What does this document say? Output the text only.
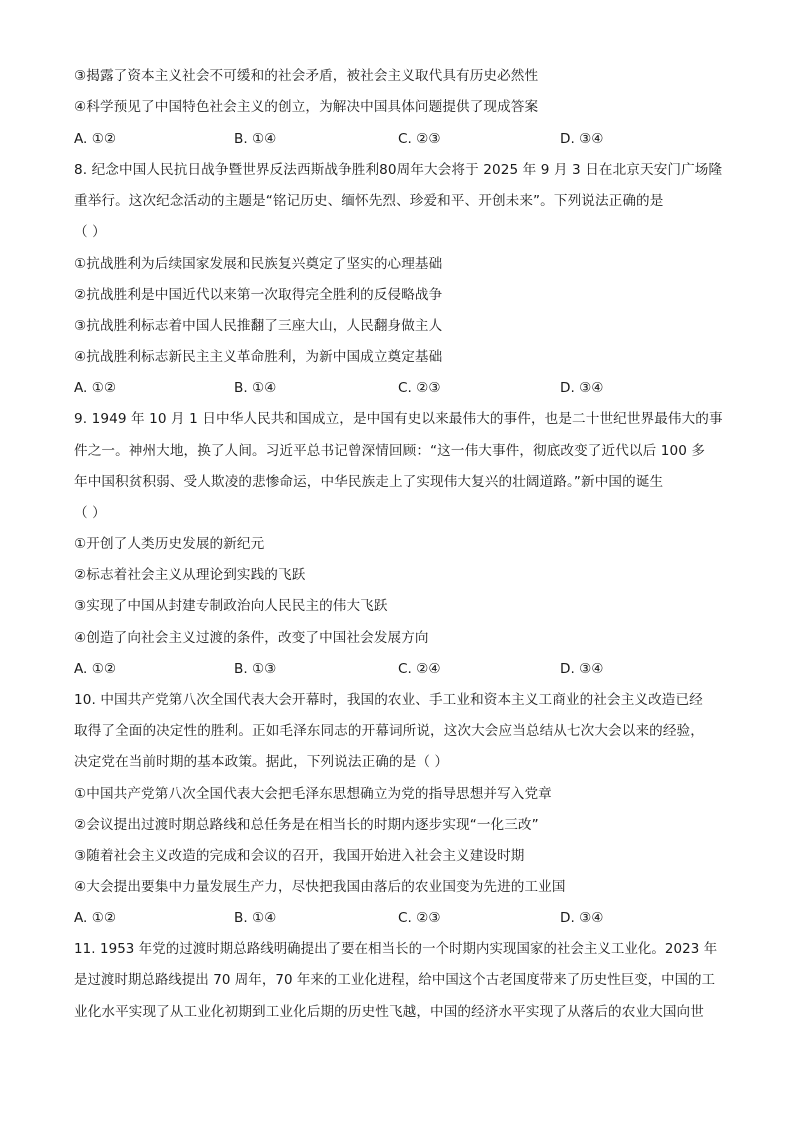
③揭露了资本主义社会不可缓和的社会矛盾，被社会主义取代具有历史必然性
④科学预见了中国特色社会主义的创立，为解决中国具体问题提供了现成答案
A. ①②	B. ①④	C. ②③	D. ③④
8. 纪念中国人民抗日战争暨世界反法西斯战争胜利80周年大会将于 2025 年 9 月 3 日在北京天安门广场隆
重举行。这次纪念活动的主题是“铭记历史、缅怀先烈、珍爱和平、开创未来”。下列说法正确的是
（ ）
①抗战胜利为后续国家发展和民族复兴奠定了坚实的心理基础
②抗战胜利是中国近代以来第一次取得完全胜利的反侵略战争
③抗战胜利标志着中国人民推翻了三座大山，人民翻身做主人
④抗战胜利标志新民主主义革命胜利，为新中国成立奠定基础
A. ①②	B. ①④	C. ②③	D. ③④
9. 1949 年 10 月 1 日中华人民共和国成立，是中国有史以来最伟大的事件，也是二十世纪世界最伟大的事
件之一。神州大地，换了人间。习近平总书记曾深情回顾：“这一伟大事件，彻底改变了近代以后 100 多
年中国积贫积弱、受人欺凌的悲惨命运，中华民族走上了实现伟大复兴的壮阔道路。”新中国的诞生
（ ）
①开创了人类历史发展的新纪元
②标志着社会主义从理论到实践的飞跃
③实现了中国从封建专制政治向人民民主的伟大飞跃
④创造了向社会主义过渡的条件，改变了中国社会发展方向
A. ①②	B. ①③	C. ②④	D. ③④
10. 中国共产党第八次全国代表大会开幕时，我国的农业、手工业和资本主义工商业的社会主义改造已经
取得了全面的决定性的胜利。正如毛泽东同志的开幕词所说，这次大会应当总结从七次大会以来的经验，
决定党在当前时期的基本政策。据此，下列说法正确的是（ ）
①中国共产党第八次全国代表大会把毛泽东思想确立为党的指导思想并写入党章
②会议提出过渡时期总路线和总任务是在相当长的时期内逐步实现“一化三改”
③随着社会主义改造的完成和会议的召开，我国开始进入社会主义建设时期
④大会提出要集中力量发展生产力，尽快把我国由落后的农业国变为先进的工业国
A. ①②	B. ①④	C. ②③	D. ③④
11. 1953 年党的过渡时期总路线明确提出了要在相当长的一个时期内实现国家的社会主义工业化。2023 年
是过渡时期总路线提出 70 周年，70 年来的工业化进程，给中国这个古老国度带来了历史性巨变，中国的工
业化水平实现了从工业化初期到工业化后期的历史性飞越，中国的经济水平实现了从落后的农业大国向世
